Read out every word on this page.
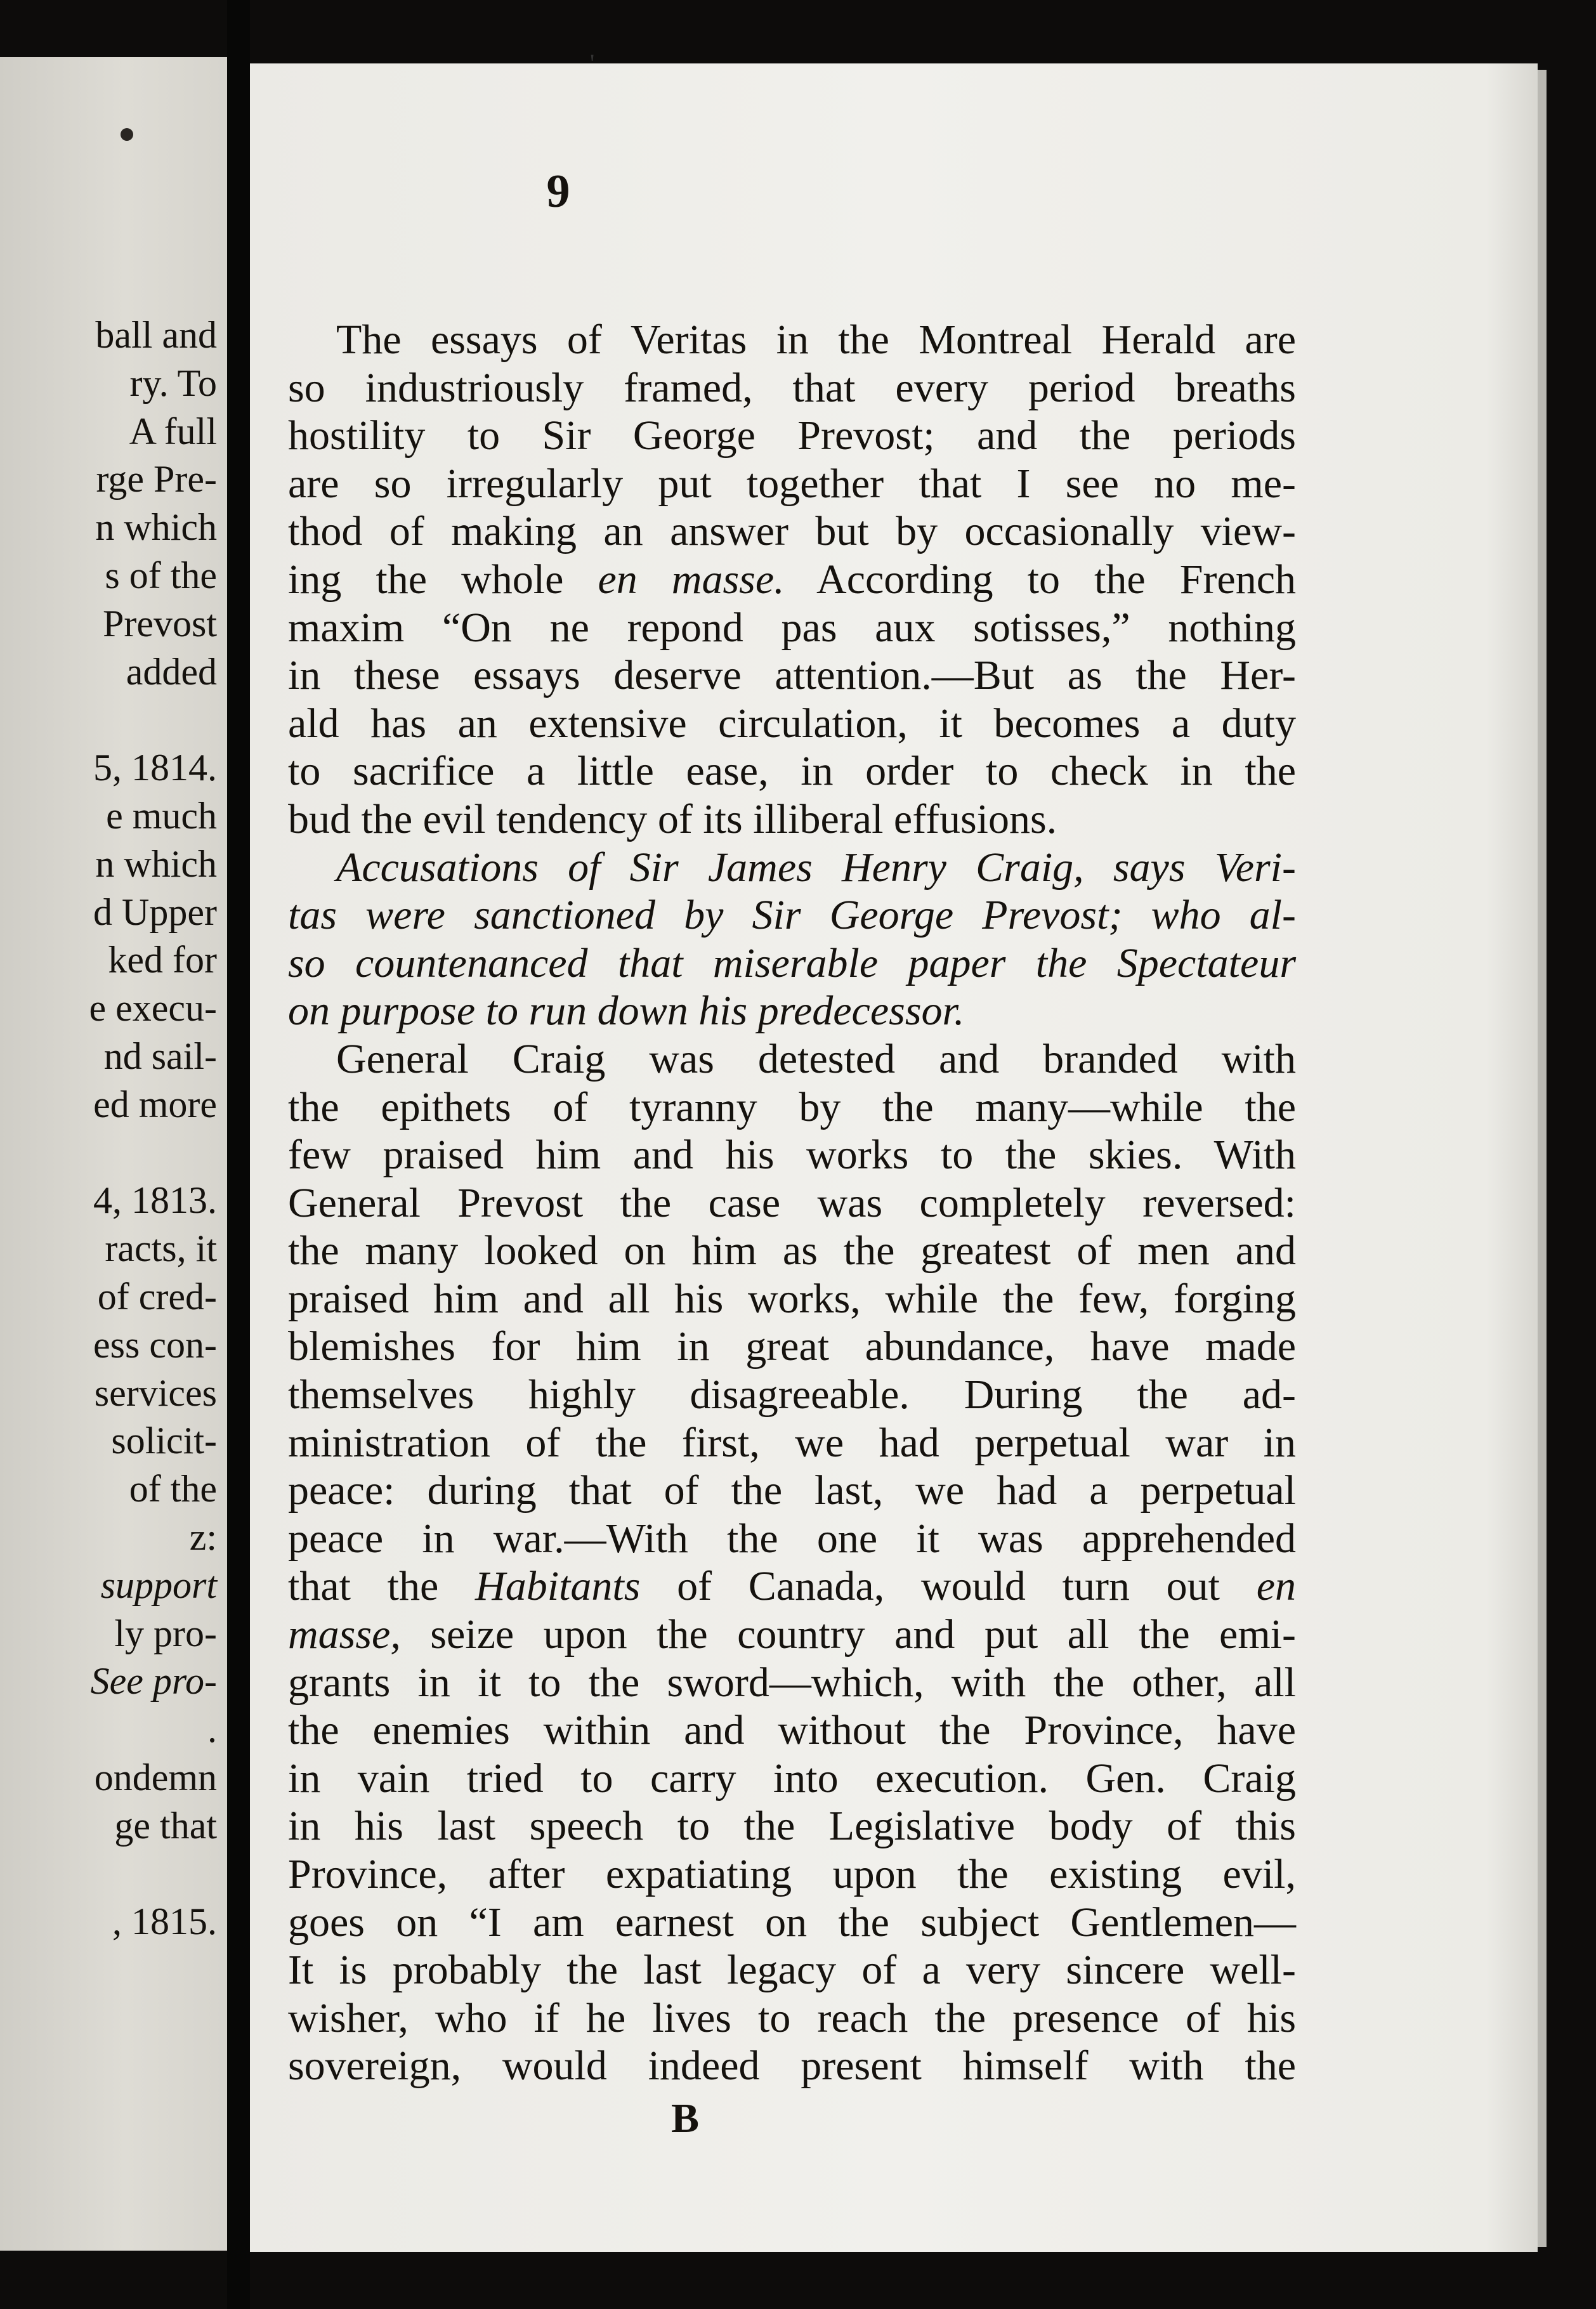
ball and
ry. To
A full
rge Pre-
n which
s of the
Prevost
added
5, 1814.
e much
n which
d Upper
ked for
e execu-
nd sail-
ed more
4, 1813.
racts, it
of cred-
ess con-
services
solicit-
of the
z:
support
ly pro-
See pro-
.
ondemn
ge that
, 1815.
'
9
The essays of Veritas in the Montreal Herald are
so industriously framed, that every period breaths
hostility to Sir George Prevost; and the periods
are so irregularly put together that I see no me-
thod of making an answer but by occasionally view-
ing the whole en masse. According to the French
maxim “On ne repond pas aux sotisses,” nothing
in these essays deserve attention.—But as the Her-
ald has an extensive circulation, it becomes a duty
to sacrifice a little ease, in order to check in the
bud the evil tendency of its illiberal effusions.
Accusations of Sir James Henry Craig, says Veri-
tas were sanctioned by Sir George Prevost; who al-
so countenanced that miserable paper the Spectateur
on purpose to run down his predecessor.
General Craig was detested and branded with
the epithets of tyranny by the many—while the
few praised him and his works to the skies. With
General Prevost the case was completely reversed:
the many looked on him as the greatest of men and
praised him and all his works, while the few, forging
blemishes for him in great abundance, have made
themselves highly disagreeable. During the ad-
ministration of the first, we had perpetual war in
peace: during that of the last, we had a perpetual
peace in war.—With the one it was apprehended
that the Habitants of Canada, would turn out en
masse, seize upon the country and put all the emi-
grants in it to the sword—which, with the other, all
the enemies within and without the Province, have
in vain tried to carry into execution. Gen. Craig
in his last speech to the Legislative body of this
Province, after expatiating upon the existing evil,
goes on “I am earnest on the subject Gentlemen—
It is probably the last legacy of a very sincere well-
wisher, who if he lives to reach the presence of his
sovereign, would indeed present himself with the
B
